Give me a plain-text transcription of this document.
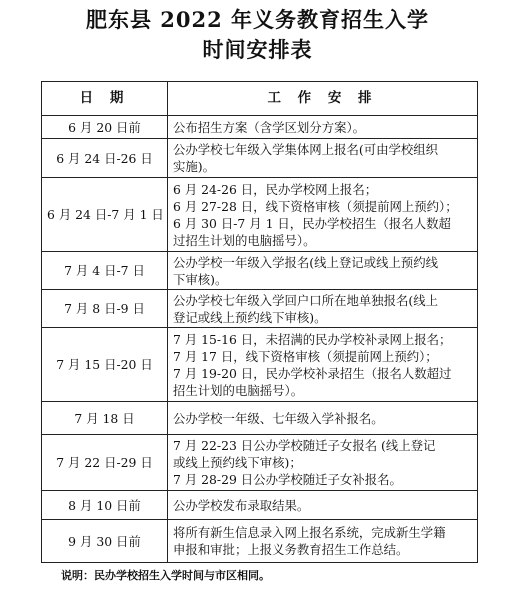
肥东县 2022 年义务教育招生入学
时间安排表
日 期	工 作 安 排
6 月 20 日前	公布招生方案（含学区划分方案）。

6 月 24 日-26 日	公办学校七年级入学集体网上报名(可由学校组织
实施)。

6 月 24 日-7 月 1 日	6 月 24-26 日，民办学校网上报名；
6 月 27-28 日，线下资格审核（须提前网上预约）；
6 月 30 日-7 月 1 日，民办学校招生（报名人数超
过招生计划的电脑摇号）。

7 月 4 日-7 日	公办学校一年级入学报名(线上登记或线上预约线
下审核)。

7 月 8 日-9 日	公办学校七年级入学回户口所在地单独报名(线上
登记或线上预约线下审核)。

7 月 15 日-20 日	7 月 15-16 日，未招满的民办学校补录网上报名；
7 月 17 日，线下资格审核（须提前网上预约）；
7 月 19-20 日，民办学校补录招生（报名人数超过
招生计划的电脑摇号）。

7 月 18 日	公办学校一年级、七年级入学补报名。

7 月 22 日-29 日	7 月 22-23 日公办学校随迁子女报名 (线上登记
或线上预约线下审核)；
7 月 28-29 日公办学校随迁子女补报名。

8 月 10 日前	公办学校发布录取结果。

9 月 30 日前	将所有新生信息录入网上报名系统，完成新生学籍
申报和审批；上报义务教育招生工作总结。
说明：民办学校招生入学时间与市区相同。
